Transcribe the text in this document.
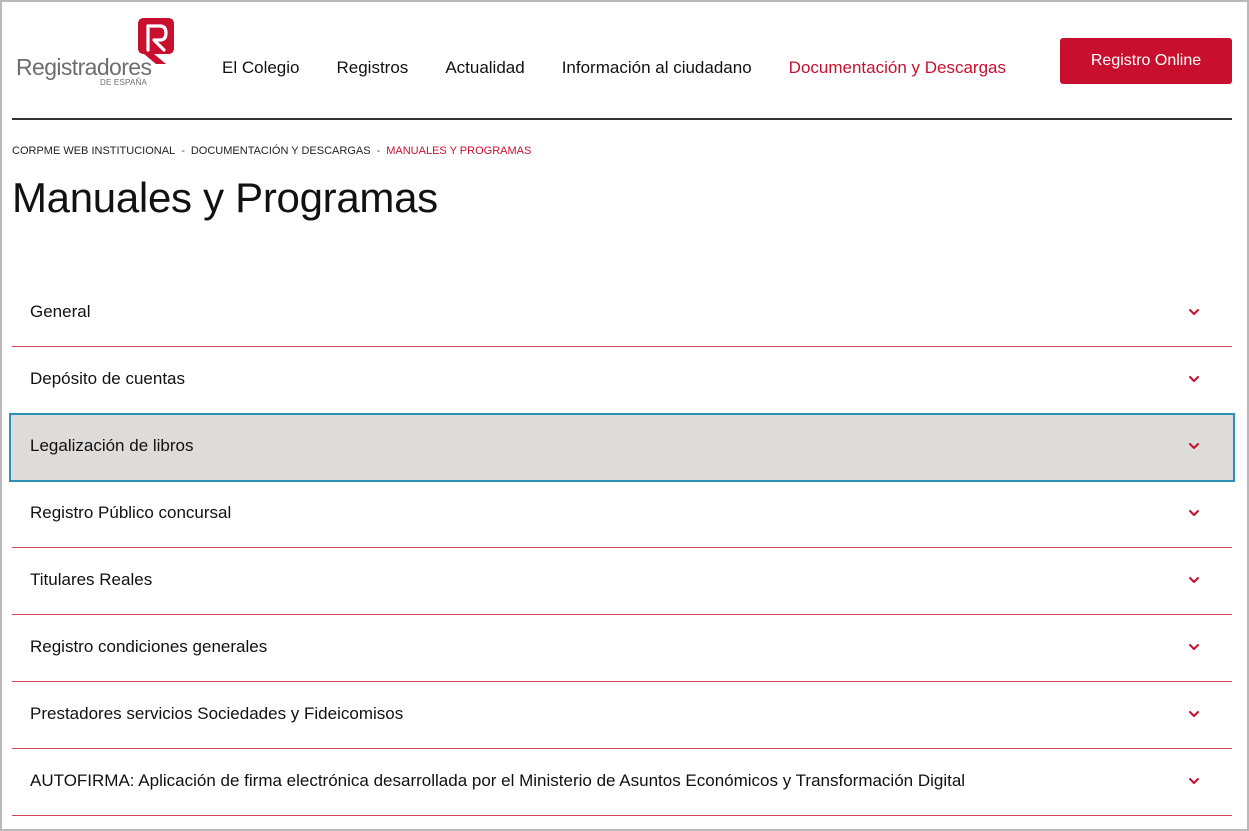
Registradores
DE ESPAÑA
El Colegio Registros Actualidad Información al ciudadano Documentación y Descargas	Registro Online
CORPME WEB INSTITUCIONAL - DOCUMENTACIÓN Y DESCARGAS - MANUALES Y PROGRAMAS
Manuales y Programas
General
Depósito de cuentas
Legalización de libros
Registro Público concursal
Titulares Reales
Registro condiciones generales
Prestadores servicios Sociedades y Fideicomisos
AUTOFIRMA: Aplicación de firma electrónica desarrollada por el Ministerio de Asuntos Económicos y Transformación Digital
